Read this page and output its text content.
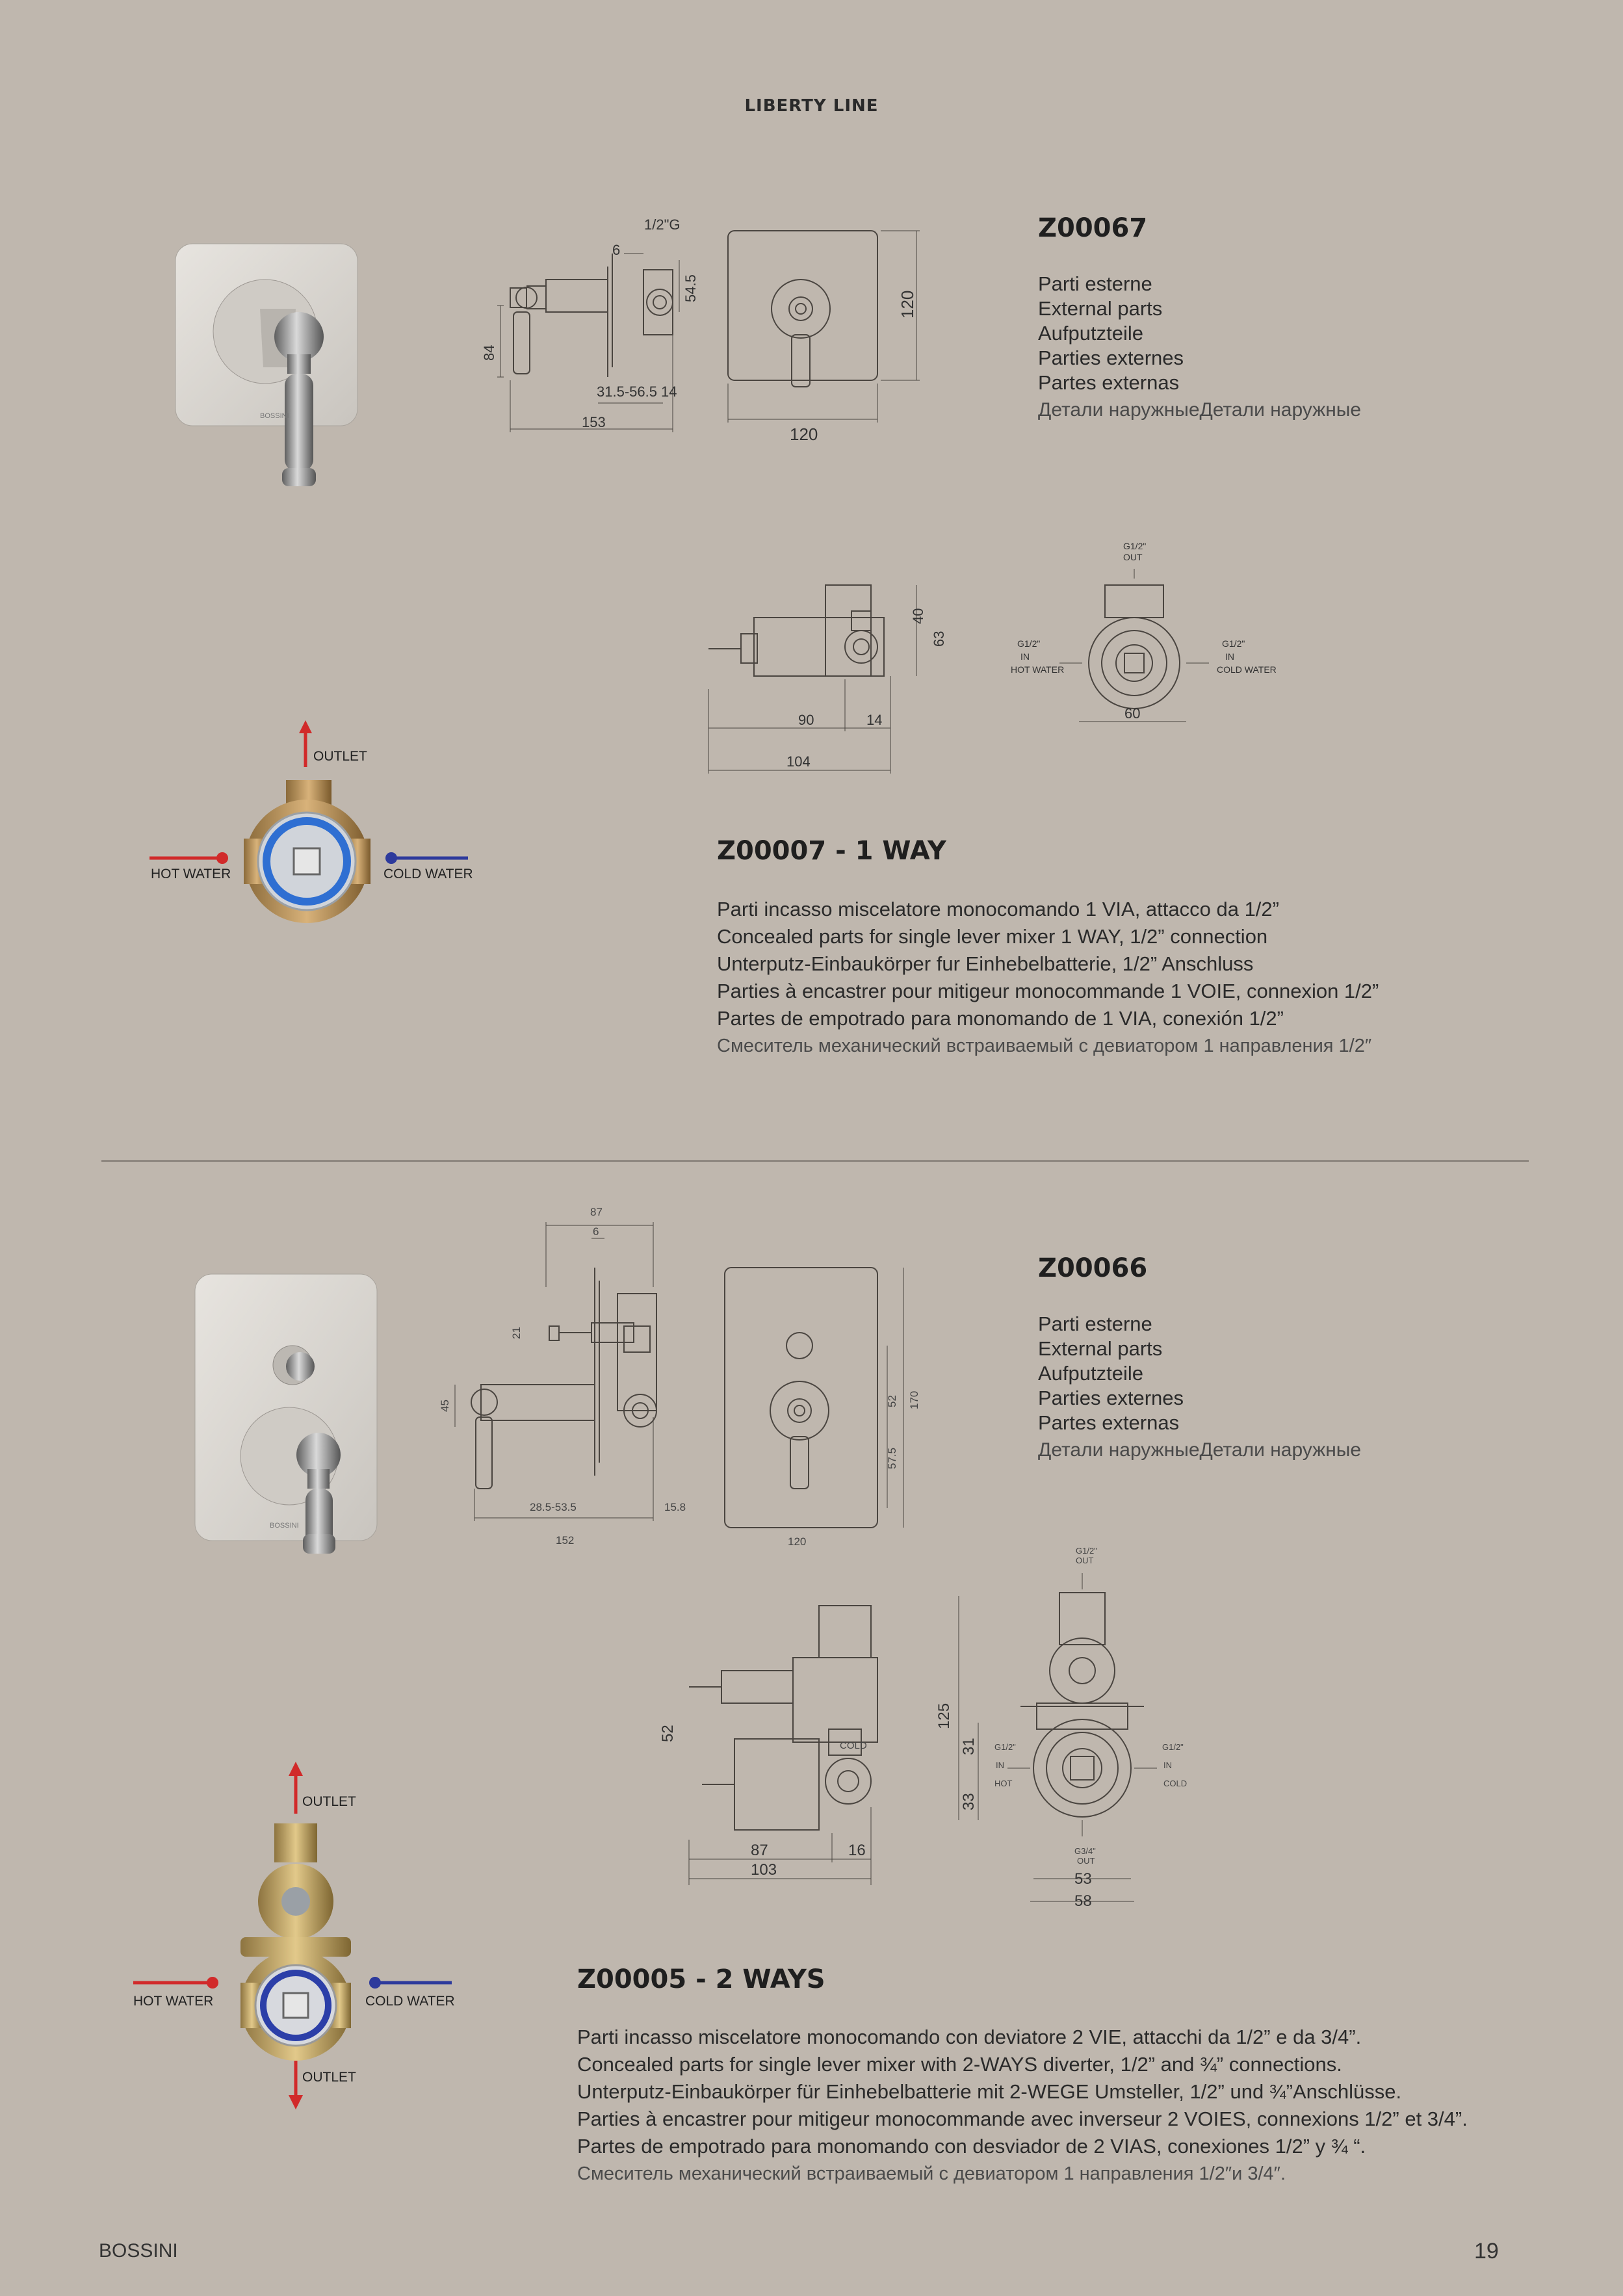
LIBERTY LINE
BOSSINI
1/2"G
6
54.5
84
31.5-56.5 14
153
120
120
Z00067
Parti esterne
External parts
Aufputzteile
Parties externes
Partes externas
Детали наружныеДетали наружные
90	14
104
40
63
G1/2"
OUT
G1/2"
IN
HOT WATER
G1/2"
IN
COLD WATER
60
OUTLET
HOT WATER	COLD WATER
Z00007 - 1 WAY
Parti incasso miscelatore monocomando 1 VIA, attacco da 1/2”
Concealed parts for single lever mixer 1 WAY, 1/2” connection
Unterputz-Einbaukörper fur Einhebelbatterie, 1/2” Anschluss
Parties à encastrer pour mitigeur monocommande 1 VOIE, connexion 1/2”
Partes de empotrado para monomando de 1 VIA, conexión 1/2”
Смеситель механический встраиваемый с девиатором 1 направления 1/2″
BOSSINI
87
6
21
45
28.5-53.5	15.8
152
52 170
57.5
120
Z00066
Parti esterne
External parts
Aufputzteile
Parties externes
Partes externas
Детали наружныеДетали наружные
COLD
52
87	16
103
G1/2"
OUT
125
31
33
G1/2"
IN
HOT
G1/2"
IN
COLD
G3/4"
OUT
53
58
OUTLET
HOT WATER	COLD WATER
OUTLET
Z00005 - 2 WAYS
Parti incasso miscelatore monocomando con deviatore 2 VIE, attacchi da 1/2” e da 3/4”.
Concealed parts for single lever mixer with 2-WAYS diverter, 1/2” and ¾” connections.
Unterputz-Einbaukörper für Einhebelbatterie mit 2-WEGE Umsteller, 1/2” und ¾”Anschlüsse.
Parties à encastrer pour mitigeur monocommande avec inverseur 2 VOIES, connexions 1/2” et 3/4”.
Partes de empotrado para monomando con desviador de 2 VIAS, conexiones 1/2” y ¾ “.
Смеситель механический встраиваемый с девиатором 1 направления 1/2″и 3/4″.
BOSSINI	19
